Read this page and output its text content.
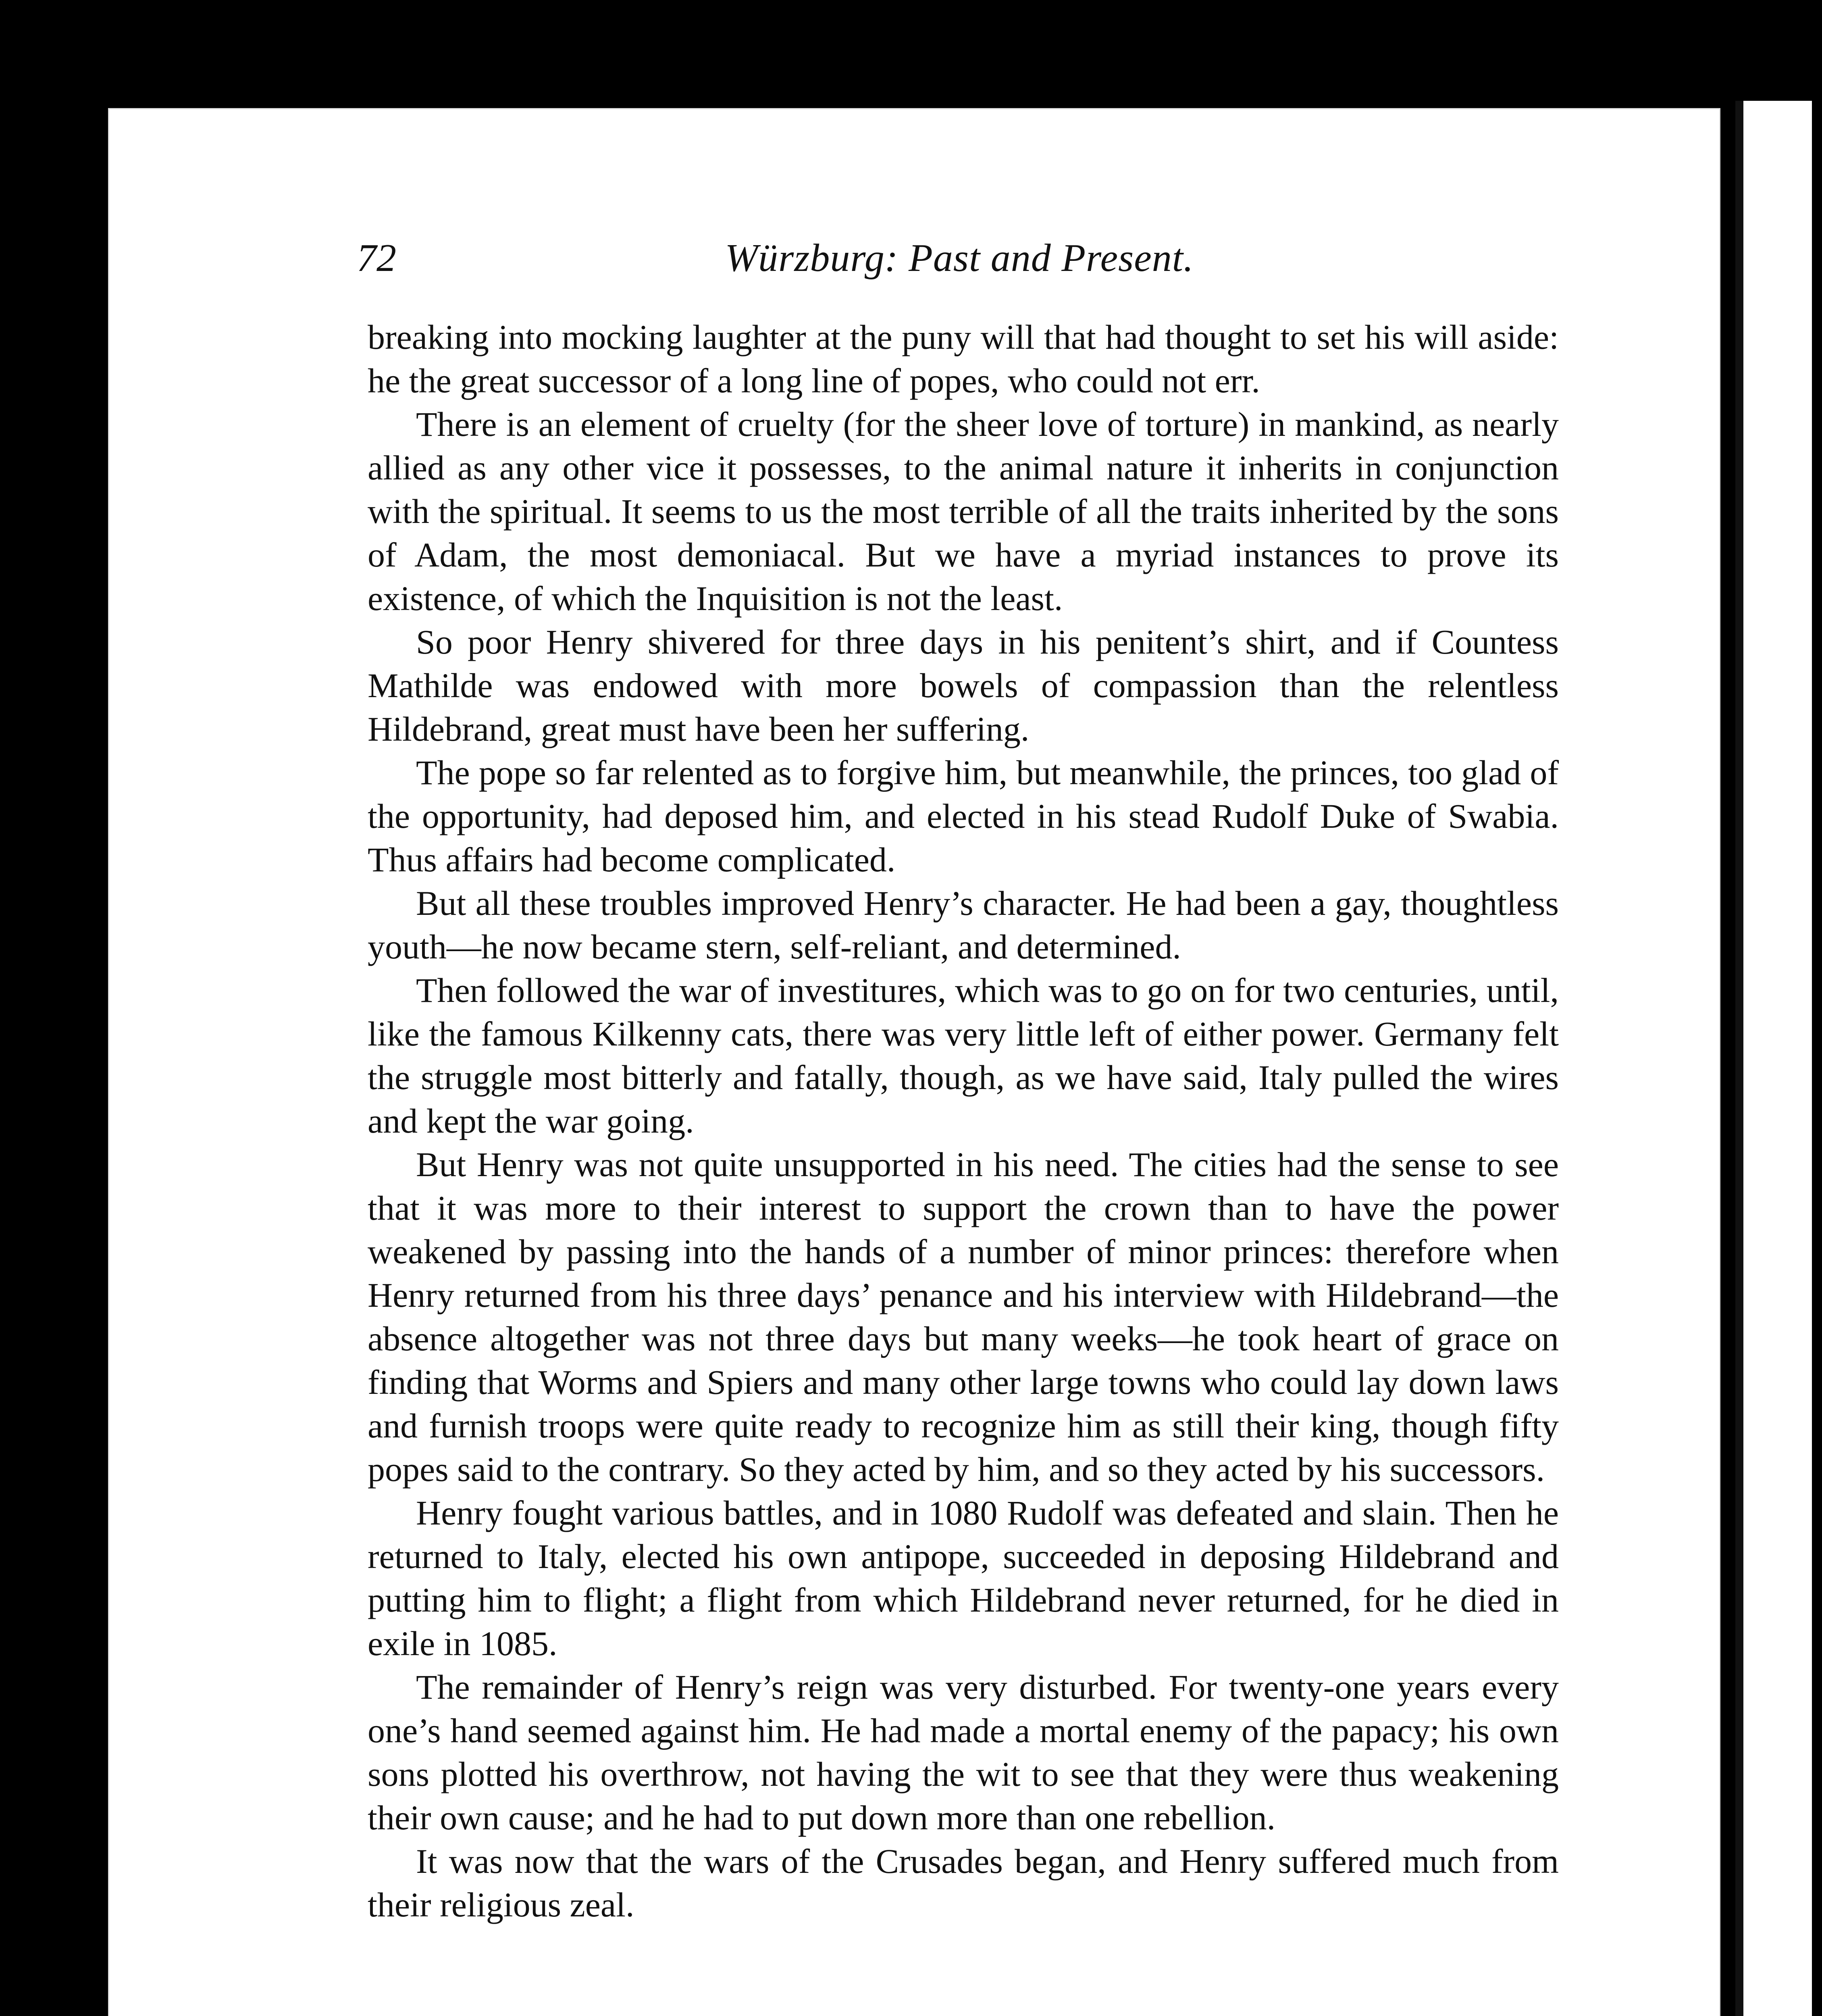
72	Würzburg: Past and Present.

breaking into mocking laughter at the puny will that had thought to set his will aside: he the great successor of a long line of popes, who could not err.

There is an element of cruelty (for the sheer love of torture) in mankind, as nearly allied as any other vice it possesses, to the animal nature it inherits in conjunction with the spiritual. It seems to us the most terrible of all the traits inherited by the sons of Adam, the most demoniacal. But we have a myriad instances to prove its existence, of which the Inquisition is not the least.

So poor Henry shivered for three days in his penitent’s shirt, and if Countess Mathilde was endowed with more bowels of compassion than the relentless Hildebrand, great must have been her suffering.

The pope so far relented as to forgive him, but meanwhile, the princes, too glad of the opportunity, had deposed him, and elected in his stead Rudolf Duke of Swabia. Thus affairs had become complicated.

But all these troubles improved Henry’s character. He had been a gay, thoughtless youth—he now became stern, self-reliant, and determined.

Then followed the war of investitures, which was to go on for two centuries, until, like the famous Kilkenny cats, there was very little left of either power. Germany felt the struggle most bitterly and fatally, though, as we have said, Italy pulled the wires and kept the war going.

But Henry was not quite unsupported in his need. The cities had the sense to see that it was more to their interest to support the crown than to have the power weakened by passing into the hands of a number of minor princes: therefore when Henry returned from his three days’ penance and his interview with Hildebrand—the absence altogether was not three days but many weeks—he took heart of grace on finding that Worms and Spiers and many other large towns who could lay down laws and furnish troops were quite ready to recognize him as still their king, though fifty popes said to the contrary. So they acted by him, and so they acted by his successors.

Henry fought various battles, and in 1080 Rudolf was defeated and slain. Then he returned to Italy, elected his own antipope, succeeded in deposing Hildebrand and putting him to flight; a flight from which Hildebrand never returned, for he died in exile in 1085.

The remainder of Henry’s reign was very disturbed. For twenty-one years every one’s hand seemed against him. He had made a mortal enemy of the papacy; his own sons plotted his overthrow, not having the wit to see that they were thus weakening their own cause; and he had to put down more than one rebellion.

It was now that the wars of the Crusades began, and Henry suffered much from their religious zeal.
